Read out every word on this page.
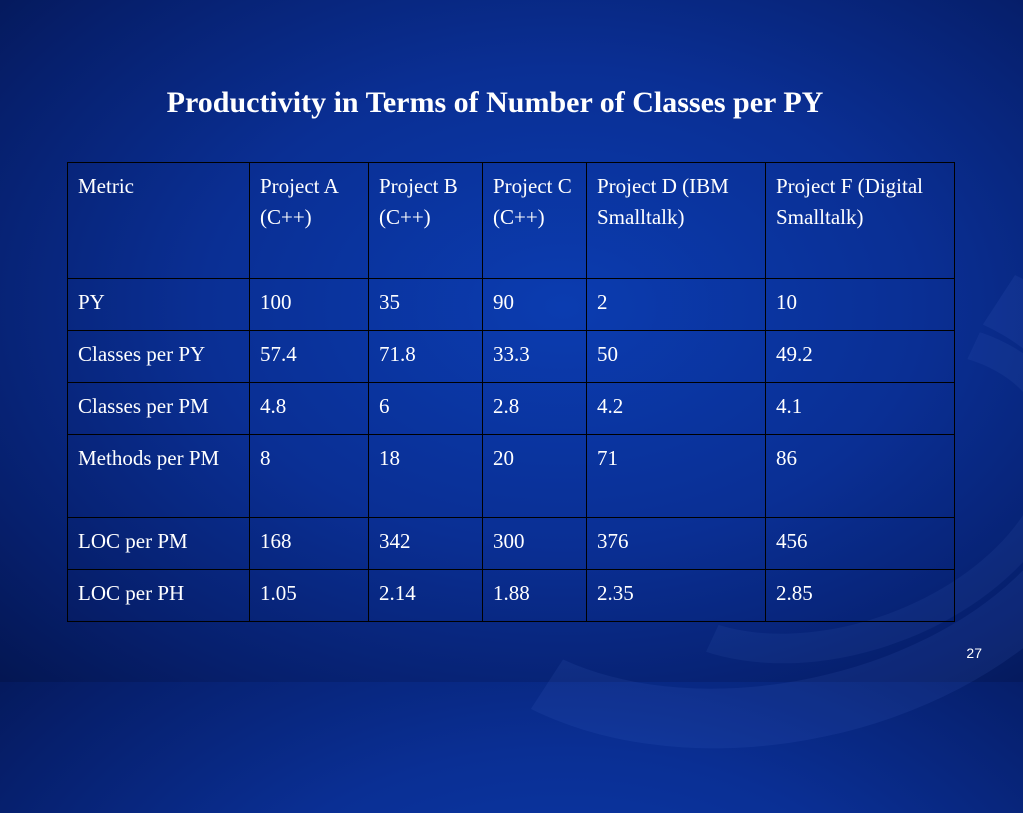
Productivity in Terms of Number of Classes per PY
Metric	Project A (C++)	Project B (C++)	Project C (C++)	Project D (IBM Smalltalk)	Project F (Digital Smalltalk)
PY	100	35	90	2	10
Classes per PY	57.4	71.8	33.3	50	49.2
Classes per PM	4.8	6	2.8	4.2	4.1
Methods per PM	8	18	20	71	86
LOC per PM	168	342	300	376	456
LOC per PH	1.05	2.14	1.88	2.35	2.85
27
